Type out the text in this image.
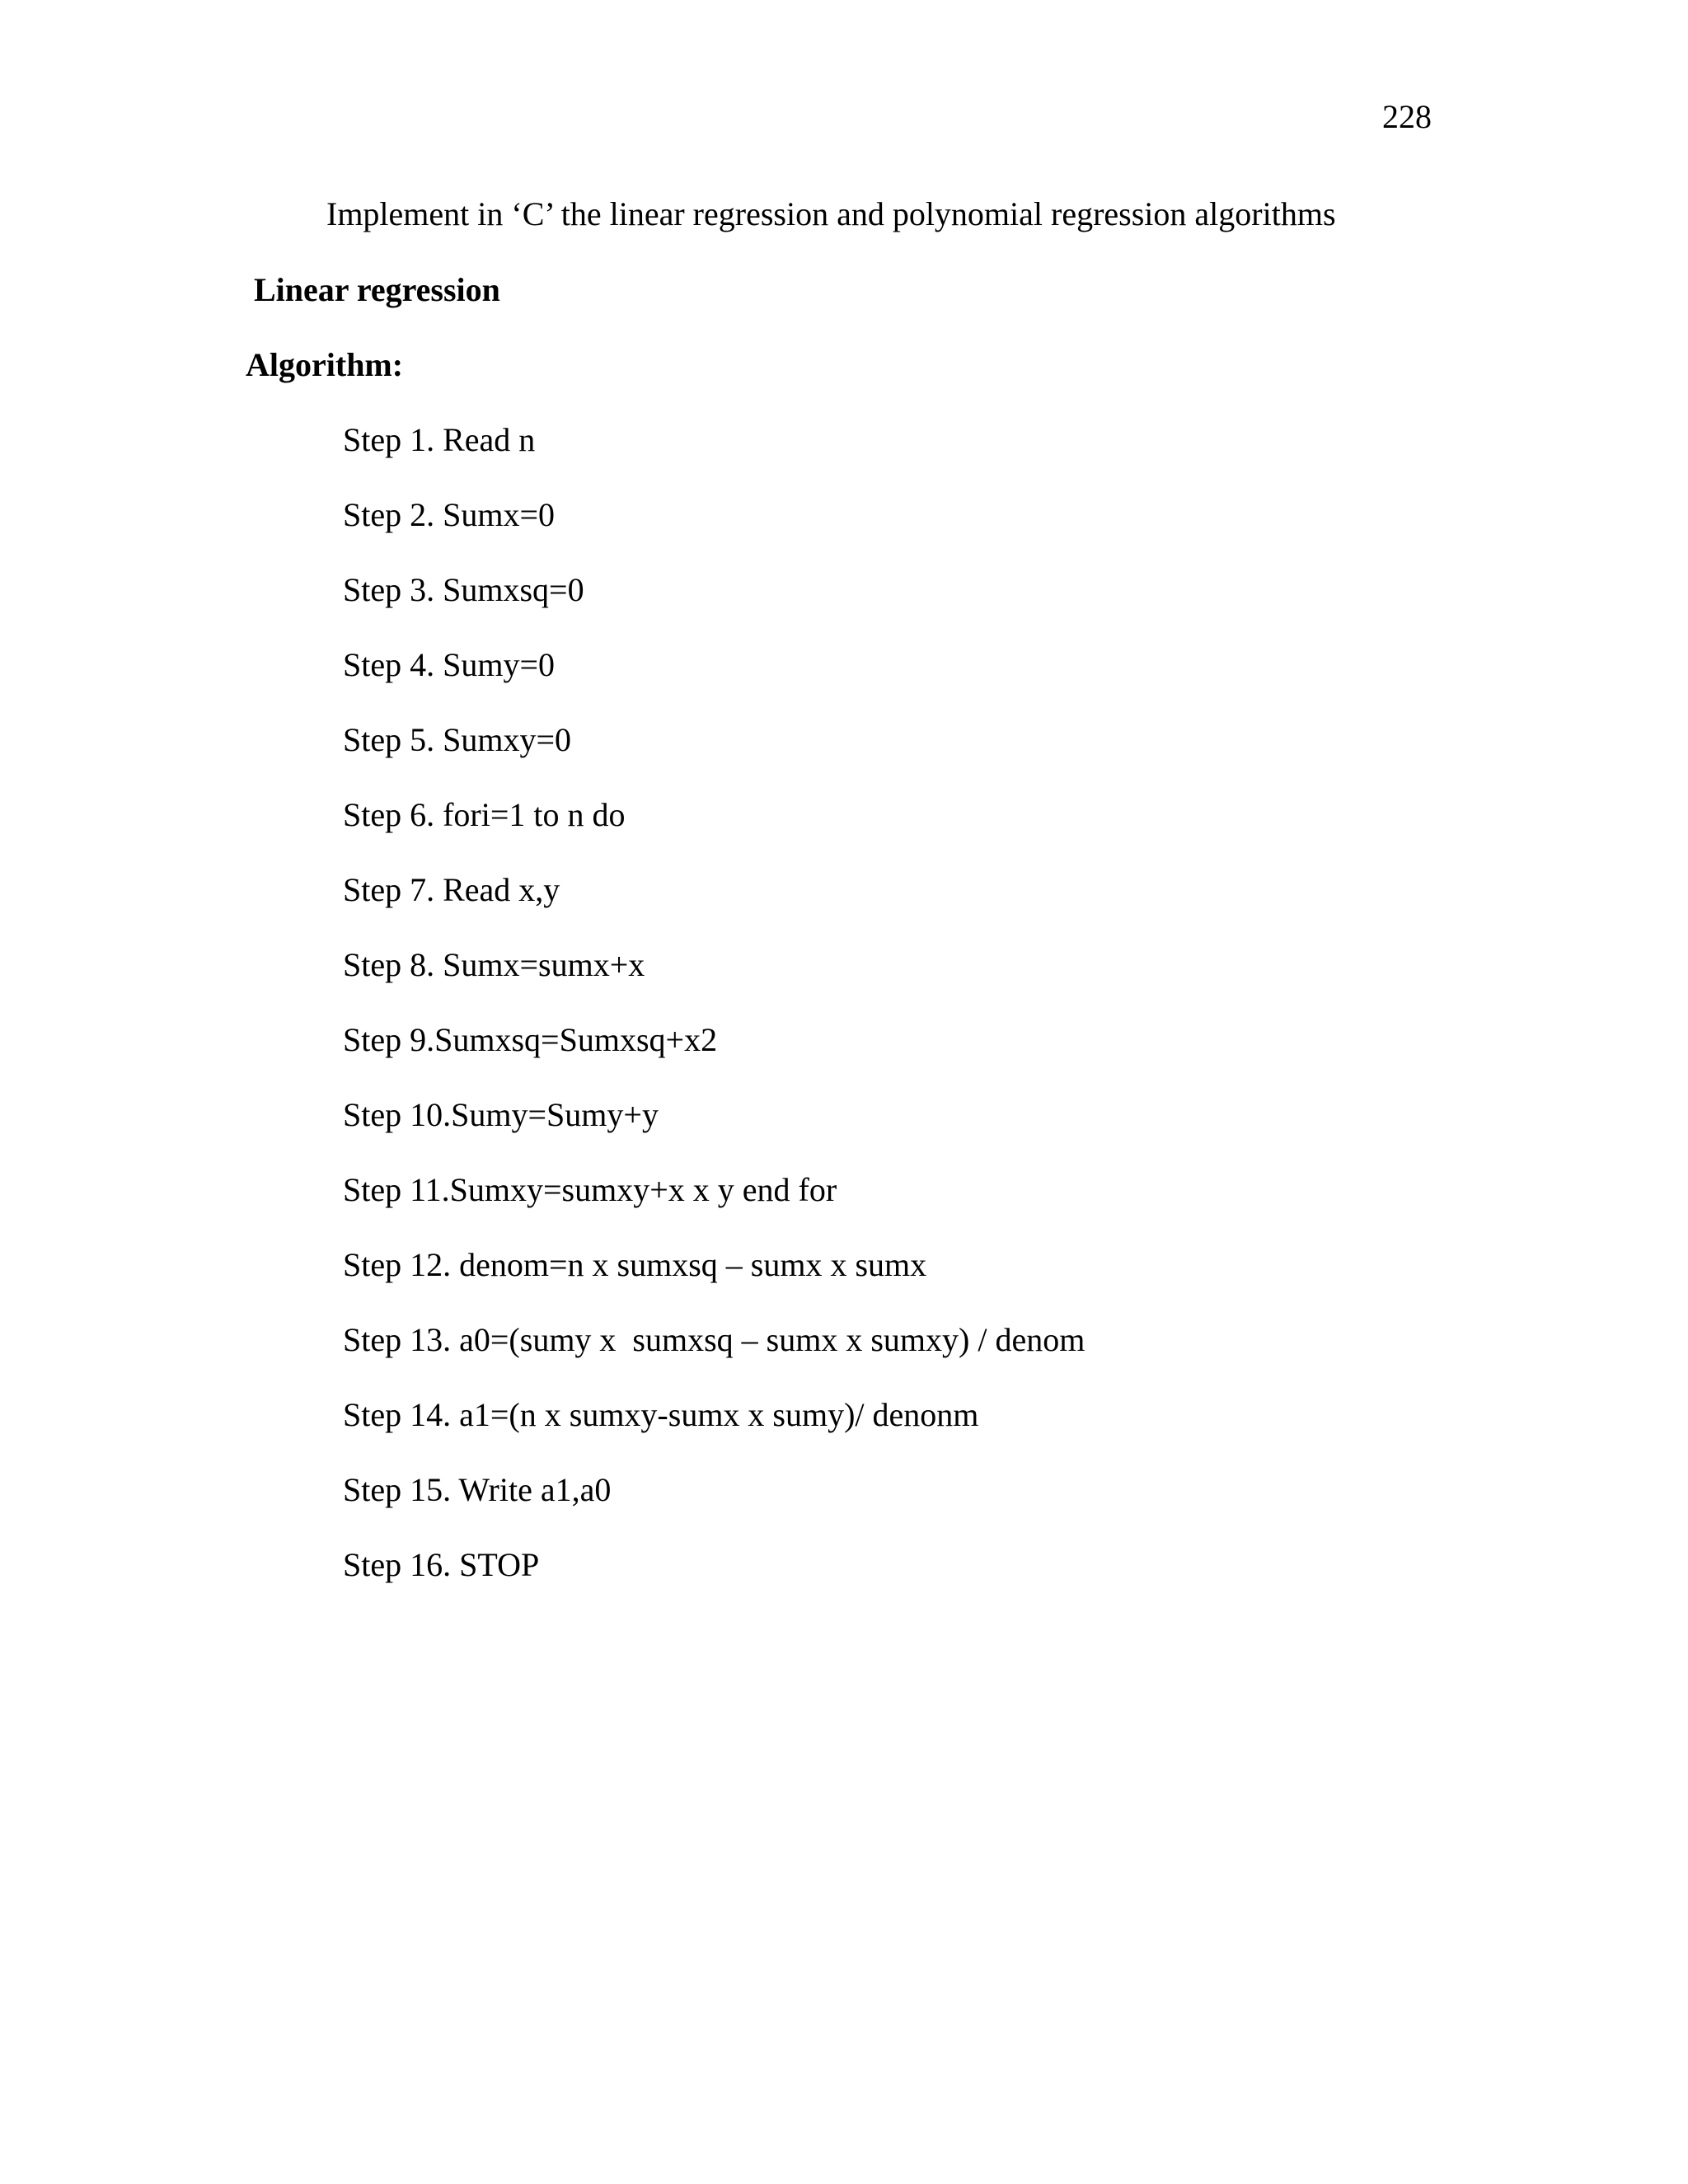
228
Implement in ‘C’ the linear regression and polynomial regression algorithms
Linear regression
Algorithm:
Step 1. Read n
Step 2. Sumx=0
Step 3. Sumxsq=0
Step 4. Sumy=0
Step 5. Sumxy=0
Step 6. fori=1 to n do
Step 7. Read x,y
Step 8. Sumx=sumx+x
Step 9.Sumxsq=Sumxsq+x2
Step 10.Sumy=Sumy+y
Step 11.Sumxy=sumxy+x x y end for
Step 12. denom=n x sumxsq – sumx x sumx
Step 13. a0=(sumy x  sumxsq – sumx x sumxy) / denom
Step 14. a1=(n x sumxy-sumx x sumy)/ denonm
Step 15. Write a1,a0
Step 16. STOP
